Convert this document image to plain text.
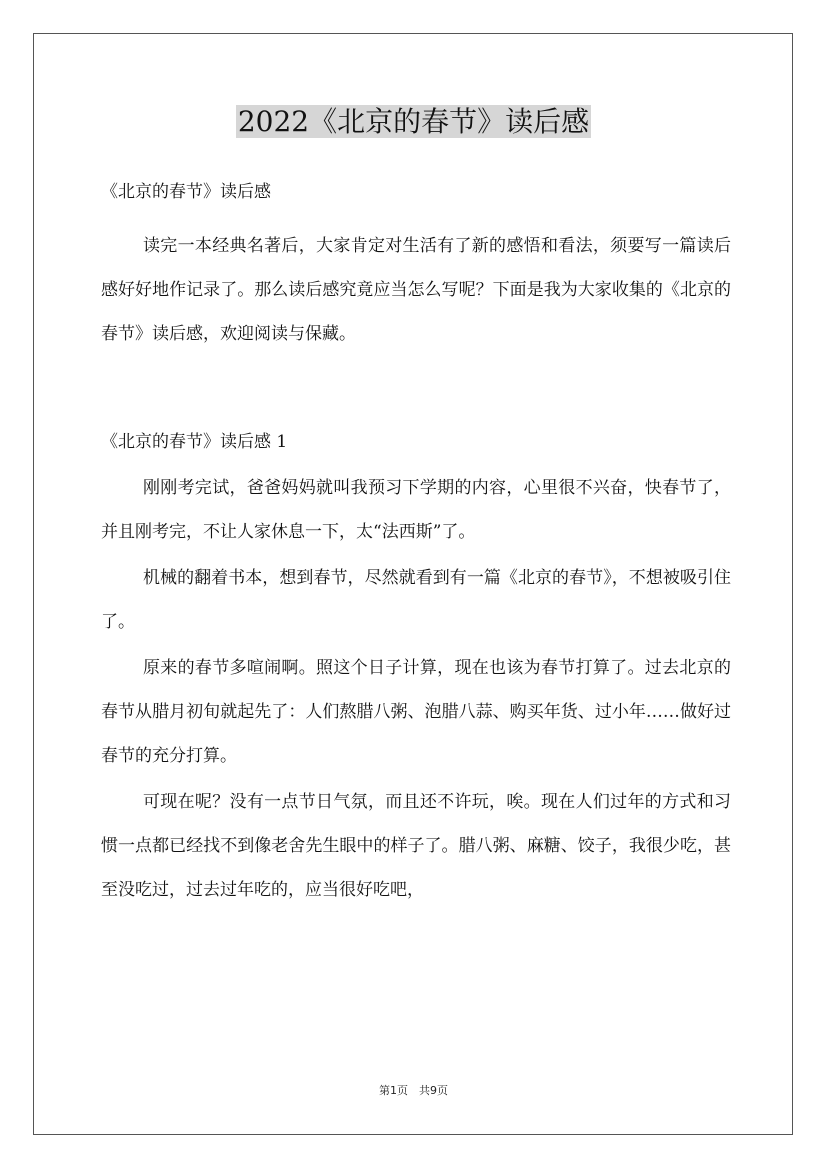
2022《北京的春节》读后感

《北京的春节》读后感

读完一本经典名著后，大家肯定对生活有了新的感悟和看法，须要写一篇读后感好好地作记录了。那么读后感究竟应当怎么写呢？下面是我为大家收集的《北京的春节》读后感，欢迎阅读与保藏。

《北京的春节》读后感 1

刚刚考完试，爸爸妈妈就叫我预习下学期的内容，心里很不兴奋，快春节了，并且刚考完，不让人家休息一下，太“法西斯”了。

机械的翻着书本，想到春节，尽然就看到有一篇《北京的春节》，不想被吸引住了。

原来的春节多喧闹啊。照这个日子计算，现在也该为春节打算了。过去北京的春节从腊月初旬就起先了：人们熬腊八粥、泡腊八蒜、购买年货、过小年……做好过春节的充分打算。

可现在呢？没有一点节日气氛，而且还不许玩，唉。现在人们过年的方式和习惯一点都已经找不到像老舍先生眼中的样子了。腊八粥、麻糖、饺子，我很少吃，甚至没吃过，过去过年吃的，应当很好吃吧，

第1页　共9页
